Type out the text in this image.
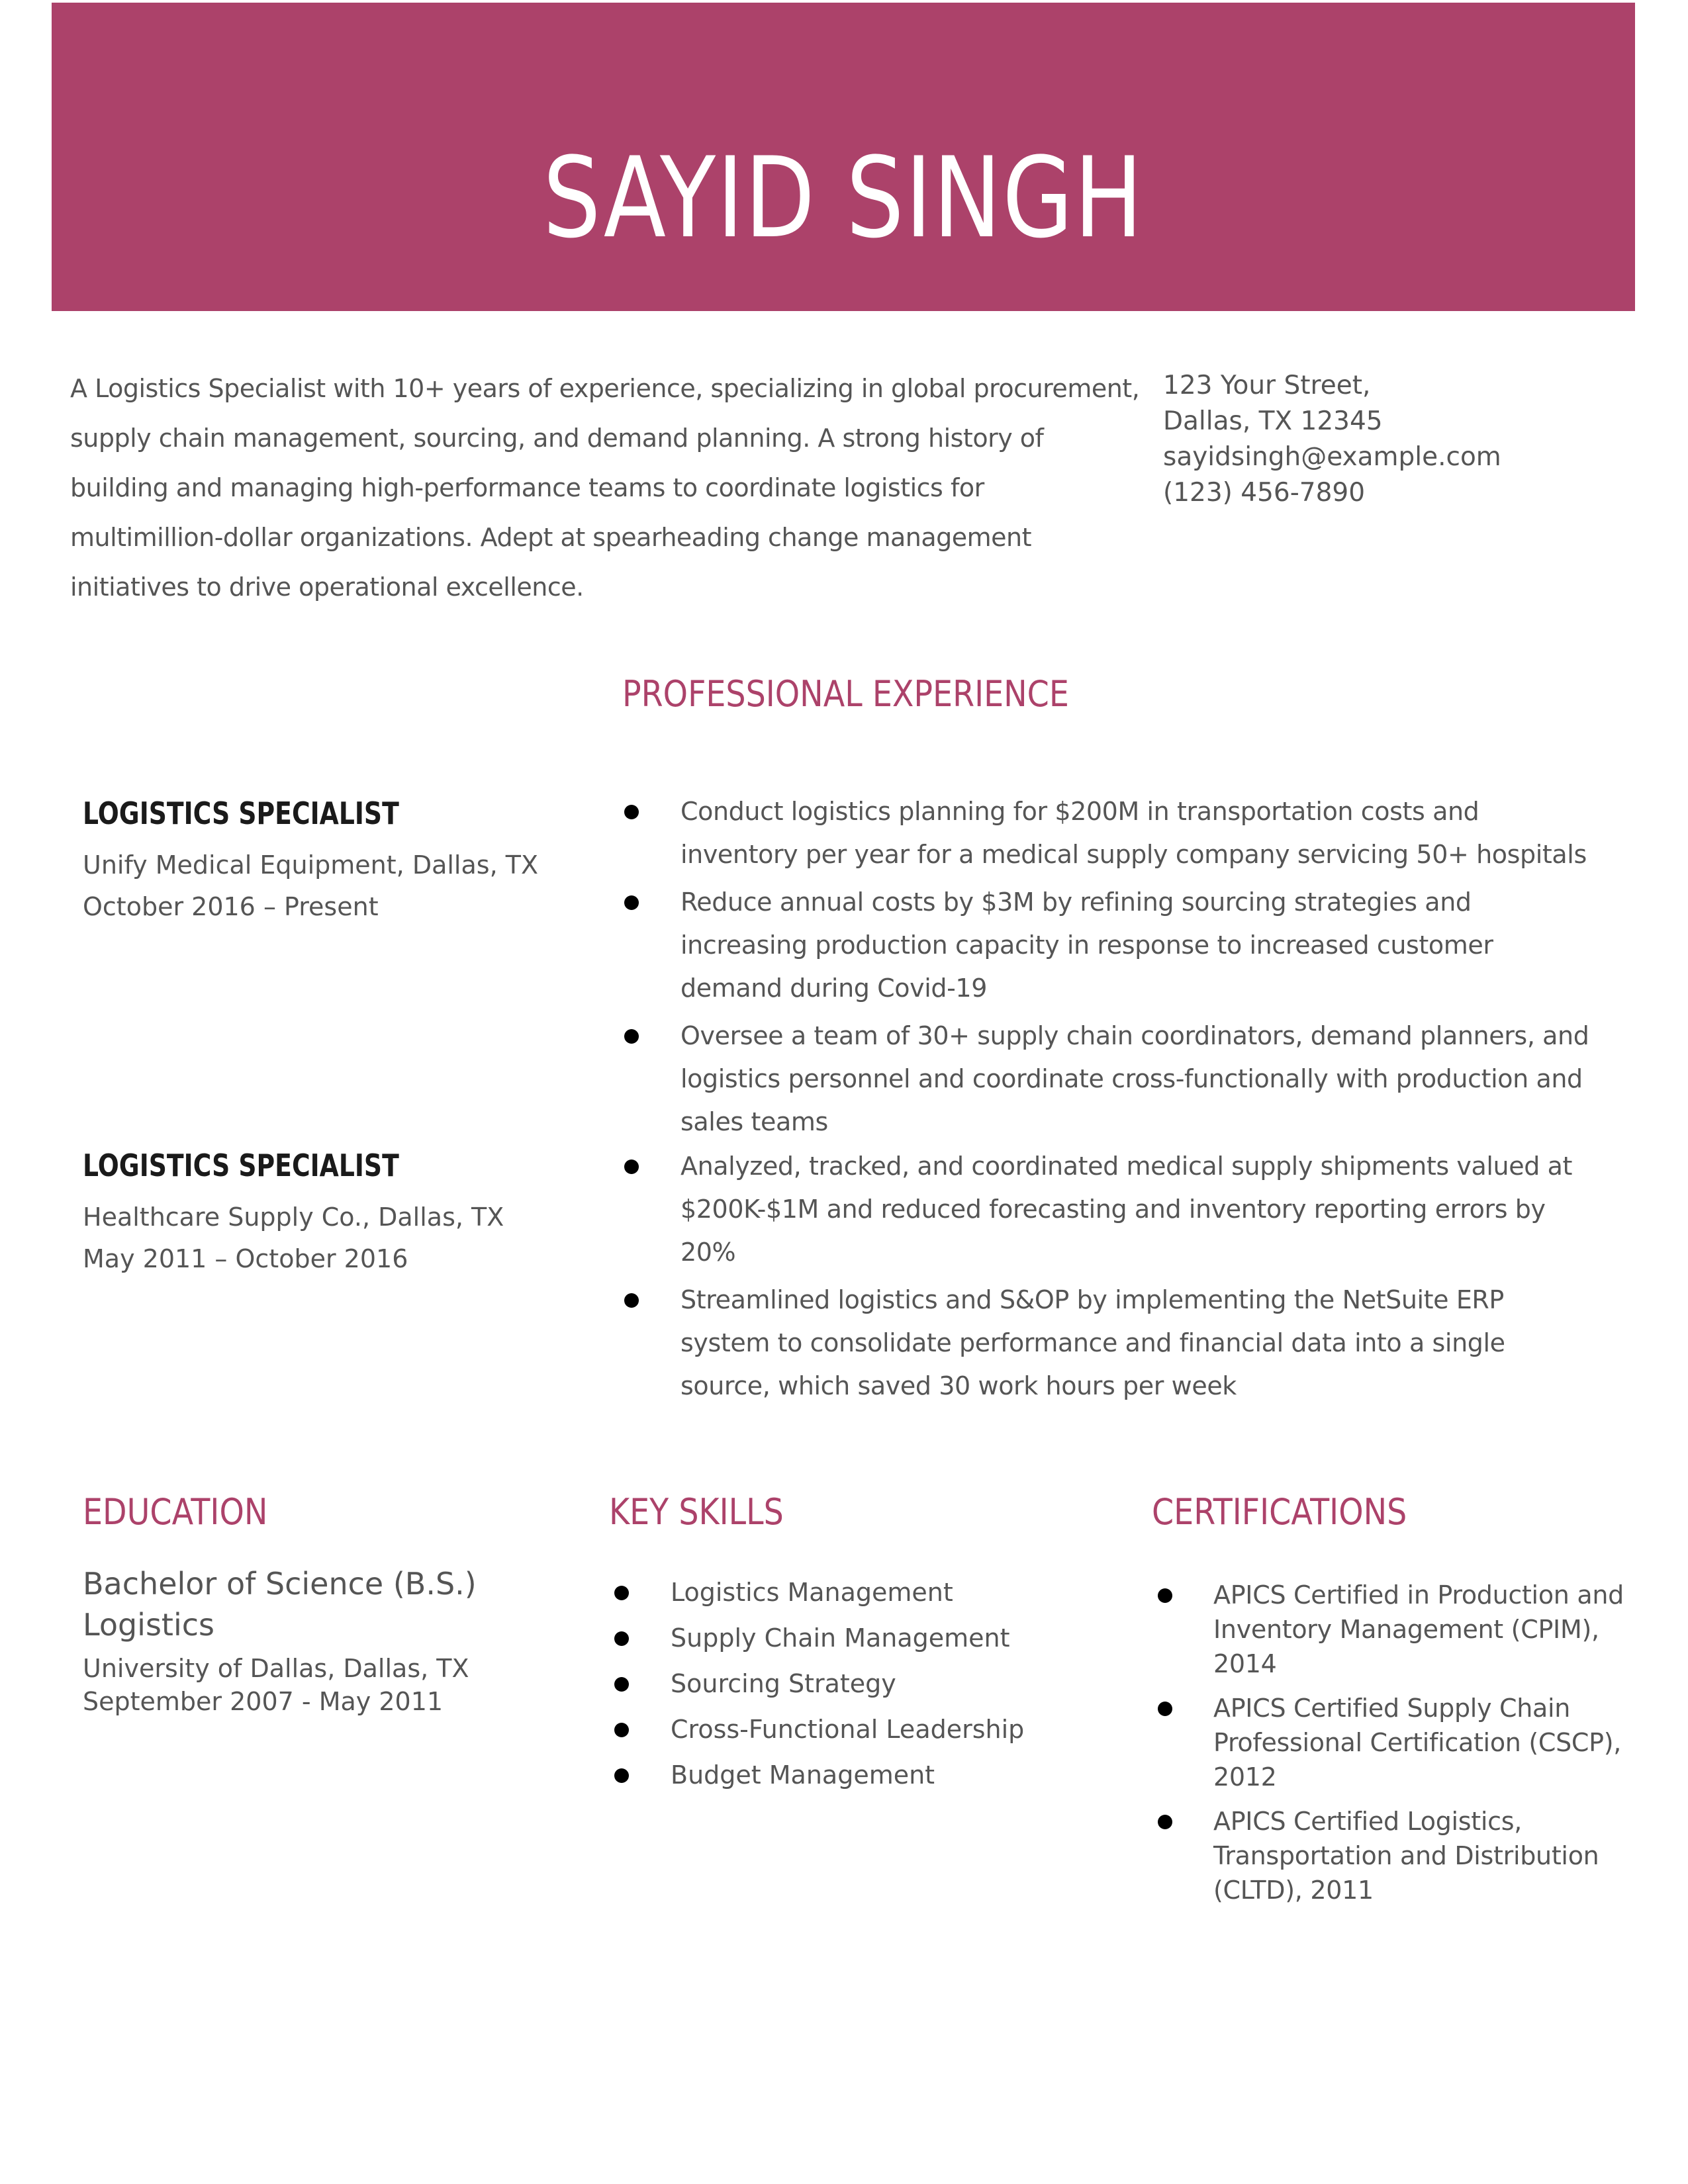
SAYID SINGH

A Logistics Specialist with 10+ years of experience, specializing in global procurement, supply chain management, sourcing, and demand planning. A strong history of building and managing high-performance teams to coordinate logistics for multimillion-dollar organizations. Adept at spearheading change management initiatives to drive operational excellence.

123 Your Street,
Dallas, TX 12345
sayidsingh@example.com
(123) 456-7890
PROFESSIONAL EXPERIENCE
LOGISTICS SPECIALIST
Unify Medical Equipment, Dallas, TX
October 2016 – Present
Conduct logistics planning for $200M in transportation costs and inventory per year for a medical supply company servicing 50+ hospitals
Reduce annual costs by $3M by refining sourcing strategies and increasing production capacity in response to increased customer demand during Covid-19
Oversee a team of 30+ supply chain coordinators, demand planners, and logistics personnel and coordinate cross-functionally with production and sales teams
LOGISTICS SPECIALIST
Healthcare Supply Co., Dallas, TX
May 2011 – October 2016
Analyzed, tracked, and coordinated medical supply shipments valued at $200K-$1M and reduced forecasting and inventory reporting errors by 20%
Streamlined logistics and S&OP by implementing the NetSuite ERP system to consolidate performance and financial data into a single source, which saved 30 work hours per week
EDUCATION
Bachelor of Science (B.S.) Logistics
University of Dallas, Dallas, TX
September 2007 - May 2011
KEY SKILLS
Logistics Management
Supply Chain Management
Sourcing Strategy
Cross-Functional Leadership
Budget Management
CERTIFICATIONS
APICS Certified in Production and Inventory Management (CPIM), 2014
APICS Certified Supply Chain Professional Certification (CSCP), 2012
APICS Certified Logistics, Transportation and Distribution (CLTD), 2011
